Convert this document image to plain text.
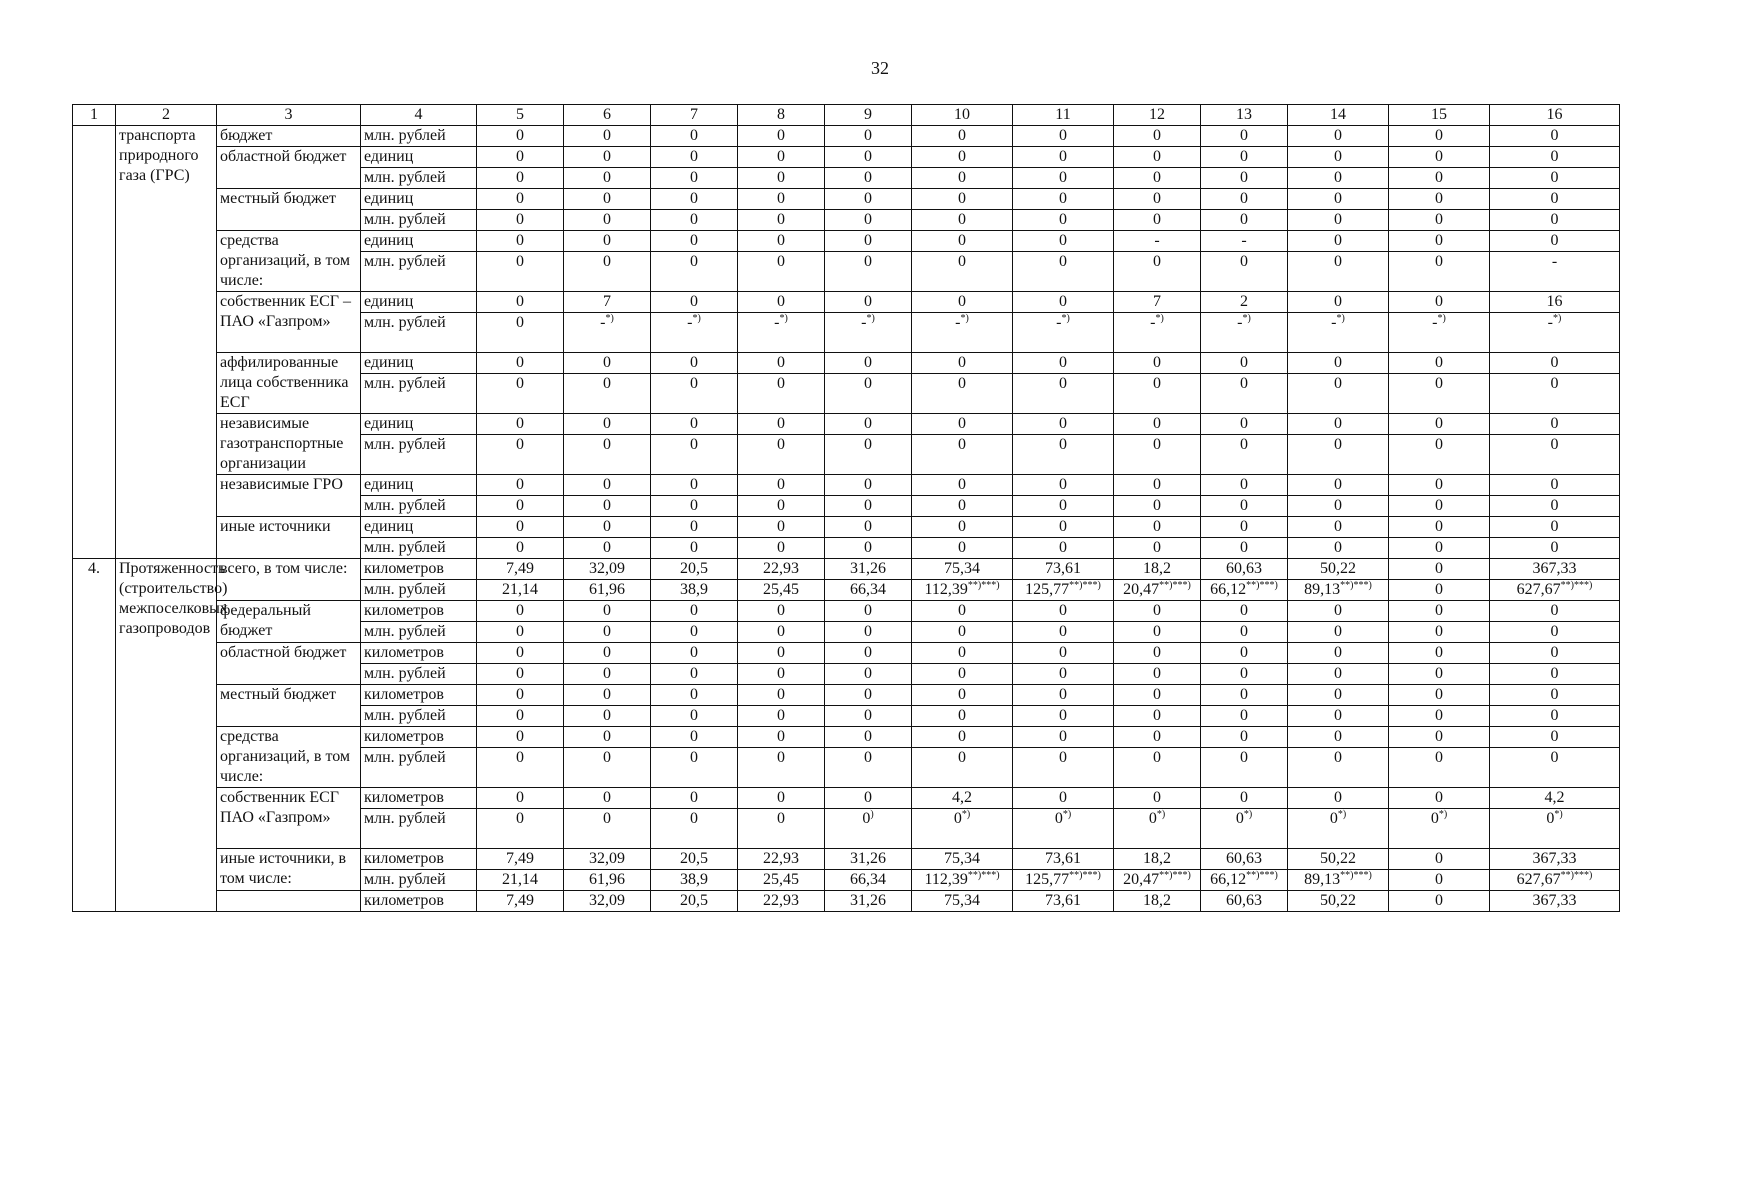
32
1	2	3	4	5	6	7	8	9	10	11	12	13	14	15	16
	транспорта природного газа (ГРС)	бюджет	млн. рублей	0	0	0	0	0	0	0	0	0	0	0	0
		областной бюджет	единиц	0	0	0	0	0	0	0	0	0	0	0	0
			млн. рублей	0	0	0	0	0	0	0	0	0	0	0	0
		местный бюджет	единиц	0	0	0	0	0	0	0	0	0	0	0	0
			млн. рублей	0	0	0	0	0	0	0	0	0	0	0	0
		средства организаций, в том числе:	единиц	0	0	0	0	0	0	0	-	-	0	0	0
			млн. рублей	0	0	0	0	0	0	0	0	0	0	0	-
		собственник ЕСГ – ПАО «Газпром»	единиц	0	7	0	0	0	0	0	7	2	0	0	16
			млн. рублей	0	-*)	-*)	-*)	-*)	-*)	-*)	-*)	-*)	-*)	-*)	-*)
		аффилированные лица собственника ЕСГ	единиц	0	0	0	0	0	0	0	0	0	0	0	0
			млн. рублей	0	0	0	0	0	0	0	0	0	0	0	0
		независимые газотранспортные организации	единиц	0	0	0	0	0	0	0	0	0	0	0	0
			млн. рублей	0	0	0	0	0	0	0	0	0	0	0	0
		независимые ГРО	единиц	0	0	0	0	0	0	0	0	0	0	0	0
			млн. рублей	0	0	0	0	0	0	0	0	0	0	0	0
		иные источники	единиц	0	0	0	0	0	0	0	0	0	0	0	0
			млн. рублей	0	0	0	0	0	0	0	0	0	0	0	0
4.	Протяженность (строительство) межпоселковых газопроводов	всего, в том числе:	километров	7,49	32,09	20,5	22,93	31,26	75,34	73,61	18,2	60,63	50,22	0	367,33
			млн. рублей	21,14	61,96	38,9	25,45	66,34	112,39**)***)	125,77**)***)	20,47**)***)	66,12**)***)	89,13**)***)	0	627,67**)***)
		федеральный бюджет	километров	0	0	0	0	0	0	0	0	0	0	0	0
			млн. рублей	0	0	0	0	0	0	0	0	0	0	0	0
		областной бюджет	километров	0	0	0	0	0	0	0	0	0	0	0	0
			млн. рублей	0	0	0	0	0	0	0	0	0	0	0	0
		местный бюджет	километров	0	0	0	0	0	0	0	0	0	0	0	0
			млн. рублей	0	0	0	0	0	0	0	0	0	0	0	0
		средства организаций, в том числе:	километров	0	0	0	0	0	0	0	0	0	0	0	0
			млн. рублей	0	0	0	0	0	0	0	0	0	0	0	0
		собственник ЕСГ ПАО «Газпром»	километров	0	0	0	0	0	4,2	0	0	0	0	0	4,2
			млн. рублей	0	0	0	0	0)	0*)	0*)	0*)	0*)	0*)	0*)	0*)
		иные источники, в том числе:	километров	7,49	32,09	20,5	22,93	31,26	75,34	73,61	18,2	60,63	50,22	0	367,33
			млн. рублей	21,14	61,96	38,9	25,45	66,34	112,39**)***)	125,77**)***)	20,47**)***)	66,12**)***)	89,13**)***)	0	627,67**)***)
			километров	7,49	32,09	20,5	22,93	31,26	75,34	73,61	18,2	60,63	50,22	0	367,33
